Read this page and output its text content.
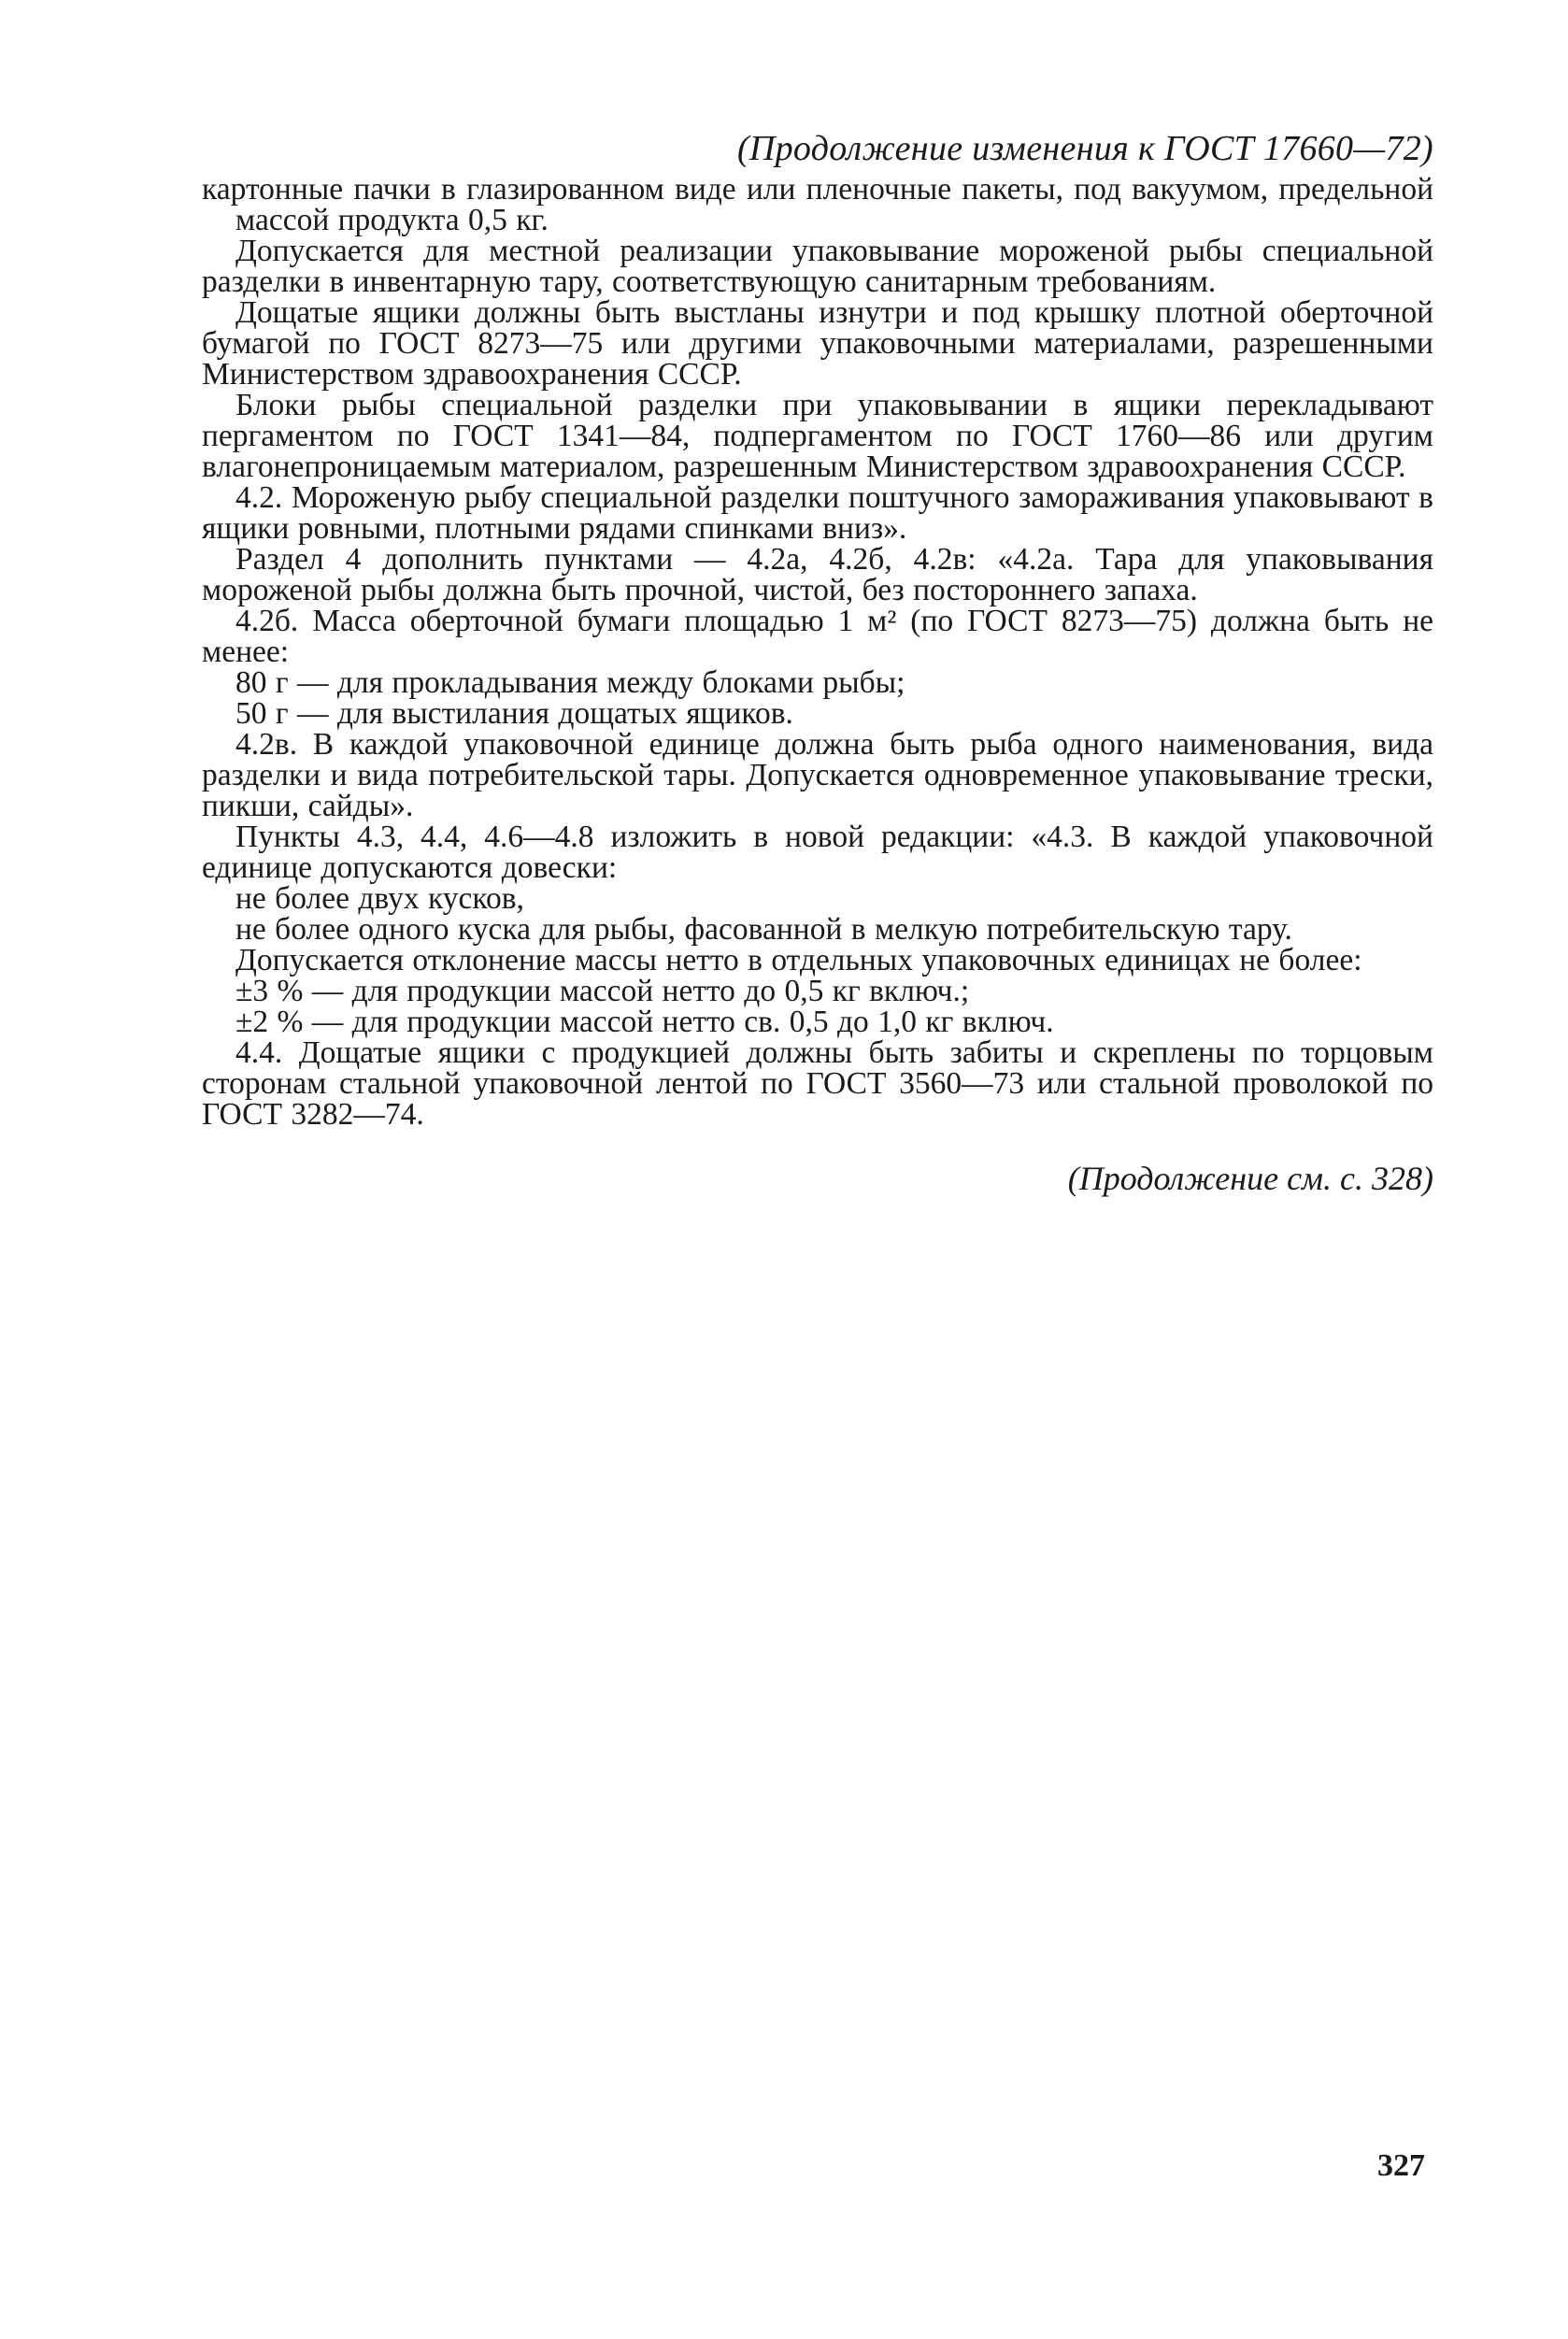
(Продолжение изменения к ГОСТ 17660—72)

картонные пачки в глазированном виде или пленочные пакеты, под вакуумом, предельной массой продукта 0,5 кг.

Допускается для местной реализации упаковывание мороженой рыбы специальной разделки в инвентарную тару, соответствующую санитарным требованиям.

Дощатые ящики должны быть выстланы изнутри и под крышку плотной оберточной бумагой по ГОСТ 8273—75 или другими упаковочными материалами, разрешенными Министерством здравоохранения СССР.

Блоки рыбы специальной разделки при упаковывании в ящики перекладывают пергаментом по ГОСТ 1341—84, подпергаментом по ГОСТ 1760—86 или другим влагонепроницаемым материалом, разрешенным Министерством здравоохранения СССР.

4.2. Мороженую рыбу специальной разделки поштучного замораживания упаковывают в ящики ровными, плотными рядами спинками вниз».

Раздел 4 дополнить пунктами — 4.2а, 4.2б, 4.2в: «4.2а. Тара для упаковывания мороженой рыбы должна быть прочной, чистой, без постороннего запаха.

4.2б. Масса оберточной бумаги площадью 1 м² (по ГОСТ 8273—75) должна быть не менее:

80 г — для прокладывания между блоками рыбы;

50 г — для выстилания дощатых ящиков.

4.2в. В каждой упаковочной единице должна быть рыба одного наименования, вида разделки и вида потребительской тары. Допускается одновременное упаковывание трески, пикши, сайды».

Пункты 4.3, 4.4, 4.6—4.8 изложить в новой редакции: «4.3. В каждой упаковочной единице допускаются довески:

не более двух кусков,

не более одного куска для рыбы, фасованной в мелкую потребительскую тару.

Допускается отклонение массы нетто в отдельных упаковочных единицах не более:

±3 % — для продукции массой нетто до 0,5 кг включ.;

±2 % — для продукции массой нетто св. 0,5 до 1,0 кг включ.

4.4. Дощатые ящики с продукцией должны быть забиты и скреплены по торцовым сторонам стальной упаковочной лентой по ГОСТ 3560—73 или стальной проволокой по ГОСТ 3282—74.

(Продолжение см. с. 328)
327
